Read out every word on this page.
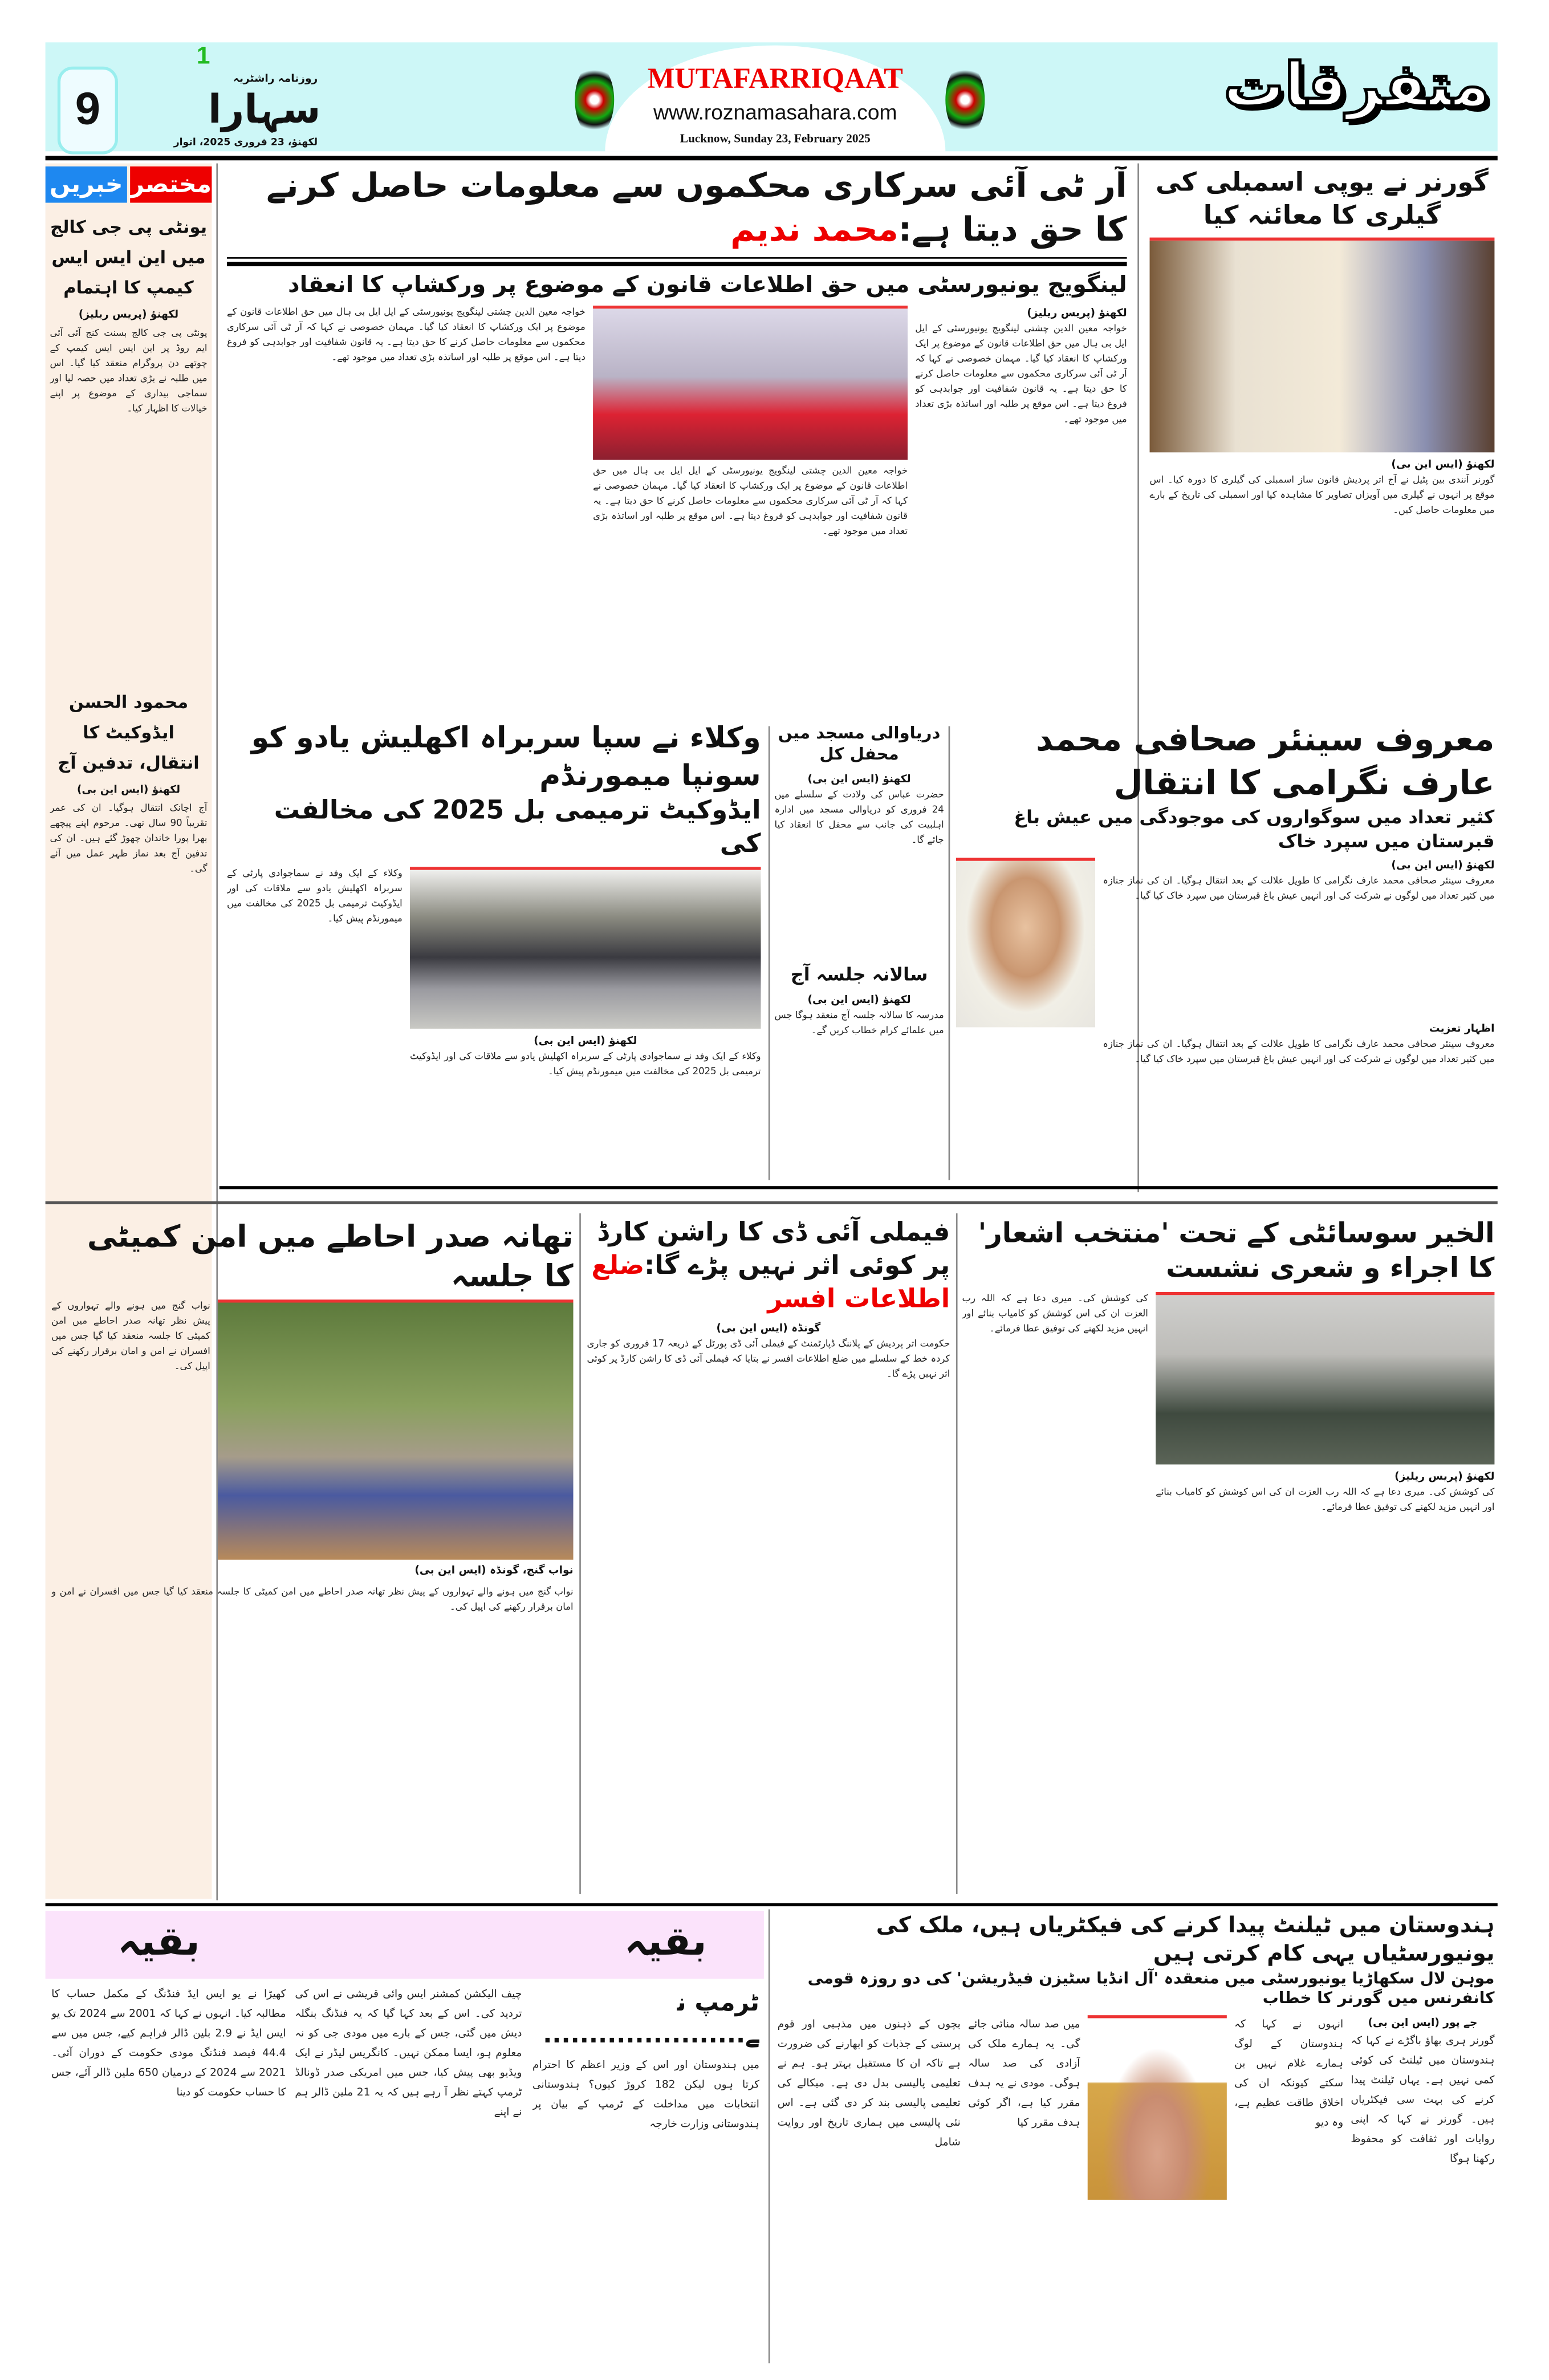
MUTAFARRIQAAT
www.roznamasahara.com
Lucknow, Sunday 23, February 2025
9
1
روزنامہ راشٹریہ
سہارا
لکھنؤ، 23 فروری 2025، اتوار
متفرقات
خبریں مختصر
یونٹی پی جی کالج میں این ایس ایس کیمپ کا اہتمام
لکھنؤ (پریس ریلیز)
یونٹی پی جی کالج بسنت کنج آئی آئی ایم روڈ پر این ایس ایس کیمپ کے چوتھے دن پروگرام منعقد کیا گیا۔ اس میں طلبہ نے بڑی تعداد میں حصہ لیا اور سماجی بیداری کے موضوع پر اپنے خیالات کا اظہار کیا۔
محمود الحسن ایڈوکیٹ کا انتقال، تدفین آج
لکھنؤ (ایس این بی)
آج اچانک انتقال ہوگیا۔ ان کی عمر تقریباً 90 سال تھی۔ مرحوم اپنے پیچھے بھرا پورا خاندان چھوڑ گئے ہیں۔ ان کی تدفین آج بعد نماز ظہر عمل میں آئے گی۔
آر ٹی آئی سرکاری محکموں سے معلومات حاصل کرنے کا حق دیتا ہے:محمد ندیم
لینگویج یونیورسٹی میں حق اطلاعات قانون کے موضوع پر ورکشاپ کا انعقاد
لکھنؤ (پریس ریلیز)
خواجہ معین الدین چشتی لینگویج یونیورسٹی کے ایل ایل بی ہال میں حق اطلاعات قانون کے موضوع پر ایک ورکشاپ کا انعقاد کیا گیا۔ مہمان خصوصی نے کہا کہ آر ٹی آئی سرکاری محکموں سے معلومات حاصل کرنے کا حق دیتا ہے۔ یہ قانون شفافیت اور جوابدہی کو فروغ دیتا ہے۔ اس موقع پر طلبہ اور اساتذہ بڑی تعداد میں موجود تھے۔
خواجہ معین الدین چشتی لینگویج یونیورسٹی کے ایل ایل بی ہال میں حق اطلاعات قانون کے موضوع پر ایک ورکشاپ کا انعقاد کیا گیا۔ مہمان خصوصی نے کہا کہ آر ٹی آئی سرکاری محکموں سے معلومات حاصل کرنے کا حق دیتا ہے۔ یہ قانون شفافیت اور جوابدہی کو فروغ دیتا ہے۔ اس موقع پر طلبہ اور اساتذہ بڑی تعداد میں موجود تھے۔
خواجہ معین الدین چشتی لینگویج یونیورسٹی کے ایل ایل بی ہال میں حق اطلاعات قانون کے موضوع پر ایک ورکشاپ کا انعقاد کیا گیا۔ مہمان خصوصی نے کہا کہ آر ٹی آئی سرکاری محکموں سے معلومات حاصل کرنے کا حق دیتا ہے۔ یہ قانون شفافیت اور جوابدہی کو فروغ دیتا ہے۔ اس موقع پر طلبہ اور اساتذہ بڑی تعداد میں موجود تھے۔
گورنر نے یوپی اسمبلی کی گیلری کا معائنہ کیا
لکھنؤ (ایس این بی)
گورنر آنندی بین پٹیل نے آج اتر پردیش قانون ساز اسمبلی کی گیلری کا دورہ کیا۔ اس موقع پر انہوں نے گیلری میں آویزاں تصاویر کا مشاہدہ کیا اور اسمبلی کی تاریخ کے بارے میں معلومات حاصل کیں۔
معروف سینئر صحافی محمد عارف نگرامی کا انتقال
کثیر تعداد میں سوگواروں کی موجودگی میں عیش باغ قبرستان میں سپرد خاک
لکھنؤ (ایس این بی)
معروف سینئر صحافی محمد عارف نگرامی کا طویل علالت کے بعد انتقال ہوگیا۔ ان کی نماز جنازہ میں کثیر تعداد میں لوگوں نے شرکت کی اور انہیں عیش باغ قبرستان میں سپرد خاک کیا گیا۔
اظہار تعزیت
معروف سینئر صحافی محمد عارف نگرامی کا طویل علالت کے بعد انتقال ہوگیا۔ ان کی نماز جنازہ میں کثیر تعداد میں لوگوں نے شرکت کی اور انہیں عیش باغ قبرستان میں سپرد خاک کیا گیا۔
دریاوالی مسجد میں محفل کل
لکھنؤ (ایس این بی)
حضرت عباس کی ولادت کے سلسلے میں 24 فروری کو دریاوالی مسجد میں ادارہ اہلبیت کی جانب سے محفل کا انعقاد کیا جائے گا۔
سالانہ جلسہ آج
لکھنؤ (ایس این بی)
مدرسہ کا سالانہ جلسہ آج منعقد ہوگا جس میں علمائے کرام خطاب کریں گے۔
وکلاء نے سپا سربراہ اکھلیش یادو کو سونپا میمورنڈم
ایڈوکیٹ ترمیمی بل 2025 کی مخالفت کی
لکھنؤ (ایس این بی)
وکلاء کے ایک وفد نے سماجوادی پارٹی کے سربراہ اکھلیش یادو سے ملاقات کی اور ایڈوکیٹ ترمیمی بل 2025 کی مخالفت میں میمورنڈم پیش کیا۔
وکلاء کے ایک وفد نے سماجوادی پارٹی کے سربراہ اکھلیش یادو سے ملاقات کی اور ایڈوکیٹ ترمیمی بل 2025 کی مخالفت میں میمورنڈم پیش کیا۔
الخیر سوسائٹی کے تحت 'منتخب اشعار' کا اجراء و شعری نشست
لکھنؤ (پریس ریلیز)
کی کوشش کی۔ میری دعا ہے کہ اللہ رب العزت ان کی اس کوشش کو کامیاب بنائے اور انہیں مزید لکھنے کی توفیق عطا فرمائے۔
کی کوشش کی۔ میری دعا ہے کہ اللہ رب العزت ان کی اس کوشش کو کامیاب بنائے اور انہیں مزید لکھنے کی توفیق عطا فرمائے۔
فیملی آئی ڈی کا راشن کارڈ پر کوئی اثر نہیں پڑے گا:ضلع اطلاعات افسر
گونڈہ (ایس این بی)
حکومت اتر پردیش کے پلاننگ ڈپارٹمنٹ کے فیملی آئی ڈی پورٹل کے ذریعہ 17 فروری کو جاری کردہ خط کے سلسلے میں ضلع اطلاعات افسر نے بتایا کہ فیملی آئی ڈی کا راشن کارڈ پر کوئی اثر نہیں پڑے گا۔
تھانہ صدر احاطے میں امن کمیٹی کا جلسہ
نواب گنج، گونڈہ (ایس این بی)
نواب گنج میں ہونے والے تہواروں کے پیش نظر تھانہ صدر احاطے میں امن کمیٹی کا جلسہ منعقد کیا گیا جس میں افسران نے امن و امان برقرار رکھنے کی اپیل کی۔
نواب گنج میں ہونے والے تہواروں کے پیش نظر تھانہ صدر احاطے میں امن کمیٹی کا جلسہ منعقد کیا گیا جس میں افسران نے امن و امان برقرار رکھنے کی اپیل کی۔
بقیہ	بقیہ
ٹرمپ نے......................
میں ہندوستان اور اس کے وزیر اعظم کا احترام کرتا ہوں لیکن 182 کروڑ کیوں؟ ہندوستانی انتخابات میں مداخلت کے ٹرمپ کے بیان پر ہندوستانی وزارت خارجہ
چیف الیکشن کمشنر ایس وائی قریشی نے اس کی تردید کی۔ اس کے بعد کہا گیا کہ یہ فنڈنگ بنگلہ دیش میں گئی، جس کے بارے میں مودی جی کو نہ معلوم ہو، ایسا ممکن نہیں۔ کانگریس لیڈر نے ایک ویڈیو بھی پیش کیا، جس میں امریکی صدر ڈونالڈ ٹرمپ کہتے نظر آ رہے ہیں کہ یہ 21 ملین ڈالر ہم نے اپنے
کھیڑا نے یو ایس ایڈ فنڈنگ کے مکمل حساب کا مطالبہ کیا۔ انہوں نے کہا کہ 2001 سے 2024 تک یو ایس ایڈ نے 2.9 بلین ڈالر فراہم کیے، جس میں سے 44.4 فیصد فنڈنگ مودی حکومت کے دوران آئی۔ 2021 سے 2024 کے درمیان 650 ملین ڈالر آئے، جس کا حساب حکومت کو دینا
ہندوستان میں ٹیلنٹ پیدا کرنے کی فیکٹریاں ہیں، ملک کی یونیورسٹیاں یہی کام کرتی ہیں
موہن لال سکھاڑیا یونیورسٹی میں منعقدہ 'آل انڈیا سٹیزن فیڈریشن' کی دو روزہ قومی کانفرنس میں گورنر کا خطاب
جے پور (ایس این بی)
گورنر ہری بھاؤ باگڑے نے کہا کہ ہندوستان میں ٹیلنٹ کی کوئی کمی نہیں ہے۔ یہاں ٹیلنٹ پیدا کرنے کی بہت سی فیکٹریاں ہیں۔ گورنر نے کہا کہ اپنی روایات اور ثقافت کو محفوظ رکھنا ہوگا
انہوں نے کہا کہ ہندوستان کے لوگ ہمارے غلام نہیں بن سکتے کیونکہ ان کی اخلاق طاقت عظیم ہے، وہ دیو
میں صد سالہ منائی جائے گی۔ یہ ہمارے ملک کی آزادی کی صد سالہ ہوگی۔ مودی نے یہ ہدف مقرر کیا ہے، اگر کوئی ہدف مقرر کیا
بچوں کے ذہنوں میں مذہبی اور قوم پرستی کے جذبات کو ابھارنے کی ضرورت ہے تاکہ ان کا مستقبل بہتر ہو۔ ہم نے تعلیمی پالیسی بدل دی ہے۔ میکالے کی تعلیمی پالیسی بند کر دی گئی ہے۔ اس نئی پالیسی میں ہماری تاریخ اور روایت شامل
